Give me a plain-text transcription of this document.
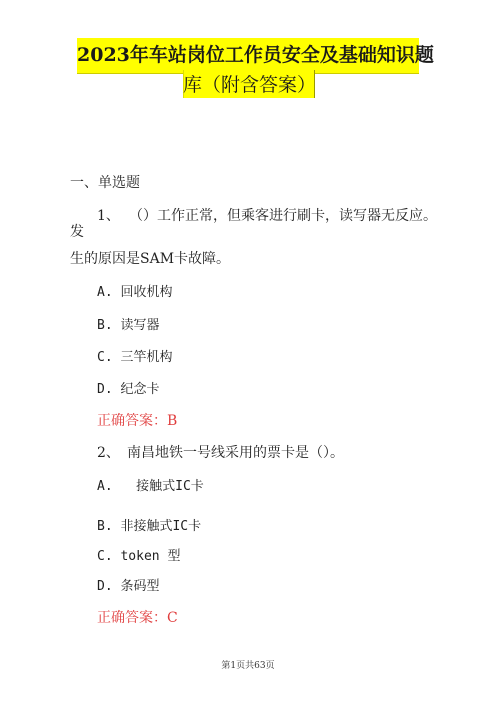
2023年车站岗位工作员安全及基础知识题
库（附含答案）
一、单选题
1、 （）工作正常，但乘客进行刷卡，读写器无反应。
发
生的原因是SAM卡故障。
A. 回收机构
B. 读写器
C. 三竿机构
D. 纪念卡
正确答案：B
2、 南昌地铁一号线采用的票卡是（）。
A.   接触式IC卡
B. 非接触式IC卡
C. token 型
D. 条码型
正确答案：C
第1页共63页
